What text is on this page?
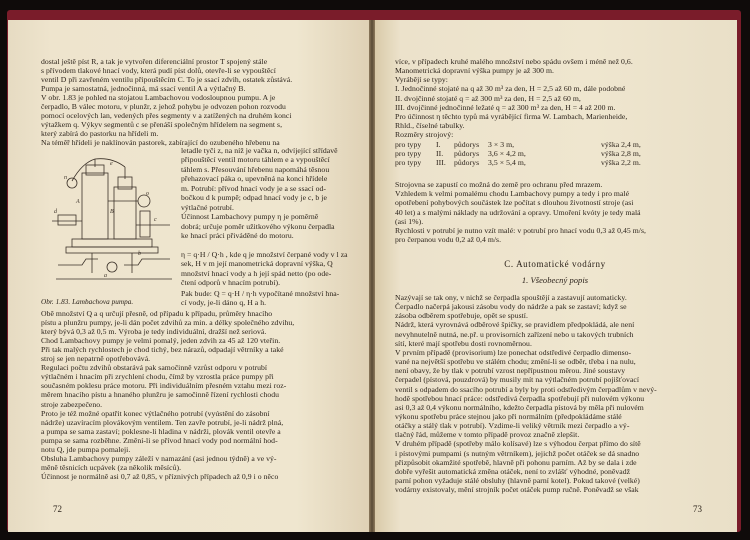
dostal ještě píst R, a tak je vytvořen diferenciální prostor T spojený stále
s přívodem tlakové hnací vody, která pudí píst dolů, otevře-li se vypouštěcí
ventil D při zavřeném ventilu připouštěcím C. To je ssací zdvih, ostatek zůstává.
Pumpa je samostatná, jednočinná, má ssací ventil A a výtlačný B.
V obr. 1.83 je pohled na stojatou Lambachovou vodosloupnou pumpu. A je
čerpadlo, B válec motoru, v plunžr, z jehož pohybu je odvozen pohon rozvodu
pomocí ocelových lan, vedených přes segmenty v a zatížených na druhém konci
výtažkem q. Výkyv segmentů c se přenáší společným hřídelem na segment s,
který zabírá do pastorku na hřídeli m.
Na téměř hřídeli je naklínován pastorek, zabírající do ozubeného hřebenu na
e
n
A
B
o
c
d
a
b
letadle tyči z, na níž je vačka n, odvíjející střídavě
připouštěcí ventil motoru táhlem e a vypouštěcí
táhlem s. Přesouvání hřebenu napomáhá těsnou
přehazovací páka o, upevněná na konci hřídele
m. Potrubí: přívod hnací vody je a se ssací od-
bočkou d k pumpě; odpad hnací vody je c, b je
výtlačné potrubí.
Účinnost Lambachovy pumpy η je poměrně
dobrá; určuje poměr užitkového výkonu čerpadla
ke hnací práci přiváděné do motoru.
η = q·H / Q·h , kde q je množství čerpané vody v l za
sek, H v m její manometrická dopravní výška, Q
množství hnací vody a h její spád netto (po ode-
čtení odporů v hnacím potrubí).
Obr. 1.83. Lambachova pumpa.
Pak bude: Q = q·H / η·h vypočítané množství hna-
cí vody, je-li dáno q, H a h.
Obě množství Q a q určují přesně, od případu k případu, průměry hnacího
pístu a plunžru pumpy, je-li dán počet zdvihů za min. a délky společného zdvihu,
který bývá 0,3 až 0,5 m. Výroba je tedy individuální, dražší než seriová.
Chod Lambachovy pumpy je velmi pomalý, jeden zdvih za 45 až 120 vteřin.
Při tak malých rychlostech je chod tichý, bez nárazů, odpadají větrníky a také
stroj se jen nepatrně opotřebovává.
Regulaci počtu zdvihů obstarává pak samočinně vzrůst odporu v potrubí
výtlačném i hnacím při zrychlení chodu, čímž by vzrostla práce pumpy při
současném poklesu práce motoru. Při individuálním přesném vztahu mezi roz-
měrem hnacího pístu a hnaného plunžru je samočinně řízení rychlosti chodu
stroje zabezpečeno.
Proto je též možné opatřit konec výtlačného potrubí (vyústění do zásobní
nádrže) uzavíracím plovákovým ventilem. Ten zavře potrubí, je-li nádrž plná,
a pumpa se sama zastaví; poklesne-li hladina v nádrži, plovák ventil otevře a
pumpa se sama rozběhne. Změní-li se přívod hnací vody pod normální hod-
notu Q, jde pumpa pomaleji.
Obsluha Lambachovy pumpy záleží v namazání (asi jednou týdně) a ve vý-
měně těsnicích ucpávek (za několik měsíců).
Účinnost je normálně asi 0,7 až 0,85, v příznivých případech až 0,9 i o něco
72
více, v případech kruhé malého množství nebo spádu ovšem i méně než 0,6.
Manometrická dopravní výška pumpy je až 300 m.
Vyrábějí se typy:
I. Jednočinné stojaté na q až 30 m³ za den, H = 2,5 až 60 m, dále podobné
II. dvojčinné stojaté q = až 300 m³ za den, H = 2,5 až 60 m,
III. dvojčinné jednočinné ležaté q = až 300 m³ za den, H = 4 až 200 m.
Pro účinnost η těchto typů má vyrábějící firma W. Lambach, Marienheide,
Rhld., číselné tabulky.
Rozměry strojový:
pro typy I. půdorys 3 × 3 m,	výška 2,4 m,
pro typy II. půdorys 3,6 × 4,2 m,	výška 2,8 m,
pro typy III. půdorys 3,5 × 5,4 m,	výška 2,2 m.
Strojovna se zapustí co možná do země pro ochranu před mrazem.
Vzhledem k velmi pomalému chodu Lambachovy pumpy a tedy i pro malé
opotřebení pohybových součástek lze počítat s dlouhou životností stroje (asi
40 let) a s malými náklady na udržování a opravy. Umoření kvóty je tedy malá
(asi 1%).
Rychlosti v potrubí je nutno vzít malé: v potrubí pro hnací vodu 0,3 až 0,45 m/s,
pro čerpanou vodu 0,2 až 0,4 m/s.
C. Automatické vodárny
1. Všeobecný popis
Nazývají se tak ony, v nichž se čerpadla spouštějí a zastavují automaticky.
Čerpadlo načerpá jakousi zásobu vody do nádrže a pak se zastaví; když se
zásoba odběrem spotřebuje, opět se spustí.
Nádrž, která vyrovnává odběrové špičky, se pravidlem předpokládá, ale není
nevyhnutelně nutná, ne.př. u provisorních zařízení nebo u takových trubních
sítí, které mají spotřebu dosti rovnoměrnou.
V prvním případě (provisorium) lze ponechat odstředivé čerpadlo dimenso-
vané na největší spotřebu ve stálém chodu; změní-li se odběr, třeba i na nulu,
není obavy, že by tlak v potrubí vzrost nepřípustnou měrou. Jiné soustavy
čerpadel (pístová, pouzdrová) by musily mít na výtlačném potrubí pojišťovací
ventil s odpadem do ssacího potrubí a byly by proti odstředivým čerpadlům v nevý-
hodě spotřebou hnací práce: odstředivá čerpadla spotřebují při nulovém výkonu
asi 0,3 až 0,4 výkonu normálního, kdežto čerpadla pístová by měla při nulovém
výkonu spotřebu práce stejnou jako při normálním (předpokládáme stálé
otáčky a stálý tlak v potrubí). Vzdime-li veliký větrník mezi čerpadlo a vý-
tlačný řád, můžeme v tomto případě provoz značně zlepšit.
V druhém případě (spotřeby málo kolísavé) lze s výhodou čerpat přímo do sítě
i pístovými pumpami (s nutným větrníkem), jejichž počet otáček se dá snadno
přizpůsobit okamžité spotřebě, hlavně při pohonu parním. Až by se dala i zde
dobře vyřešit automatická změna otáček, není to zvlášť výhodné, poněvadž
parní pohon vyžaduje stálé obsluhy (hlavně parní kotel). Pokud takové (velké)
vodárny existovaly, mění strojník počet otáček pump ručně. Poněvadž se však
73
